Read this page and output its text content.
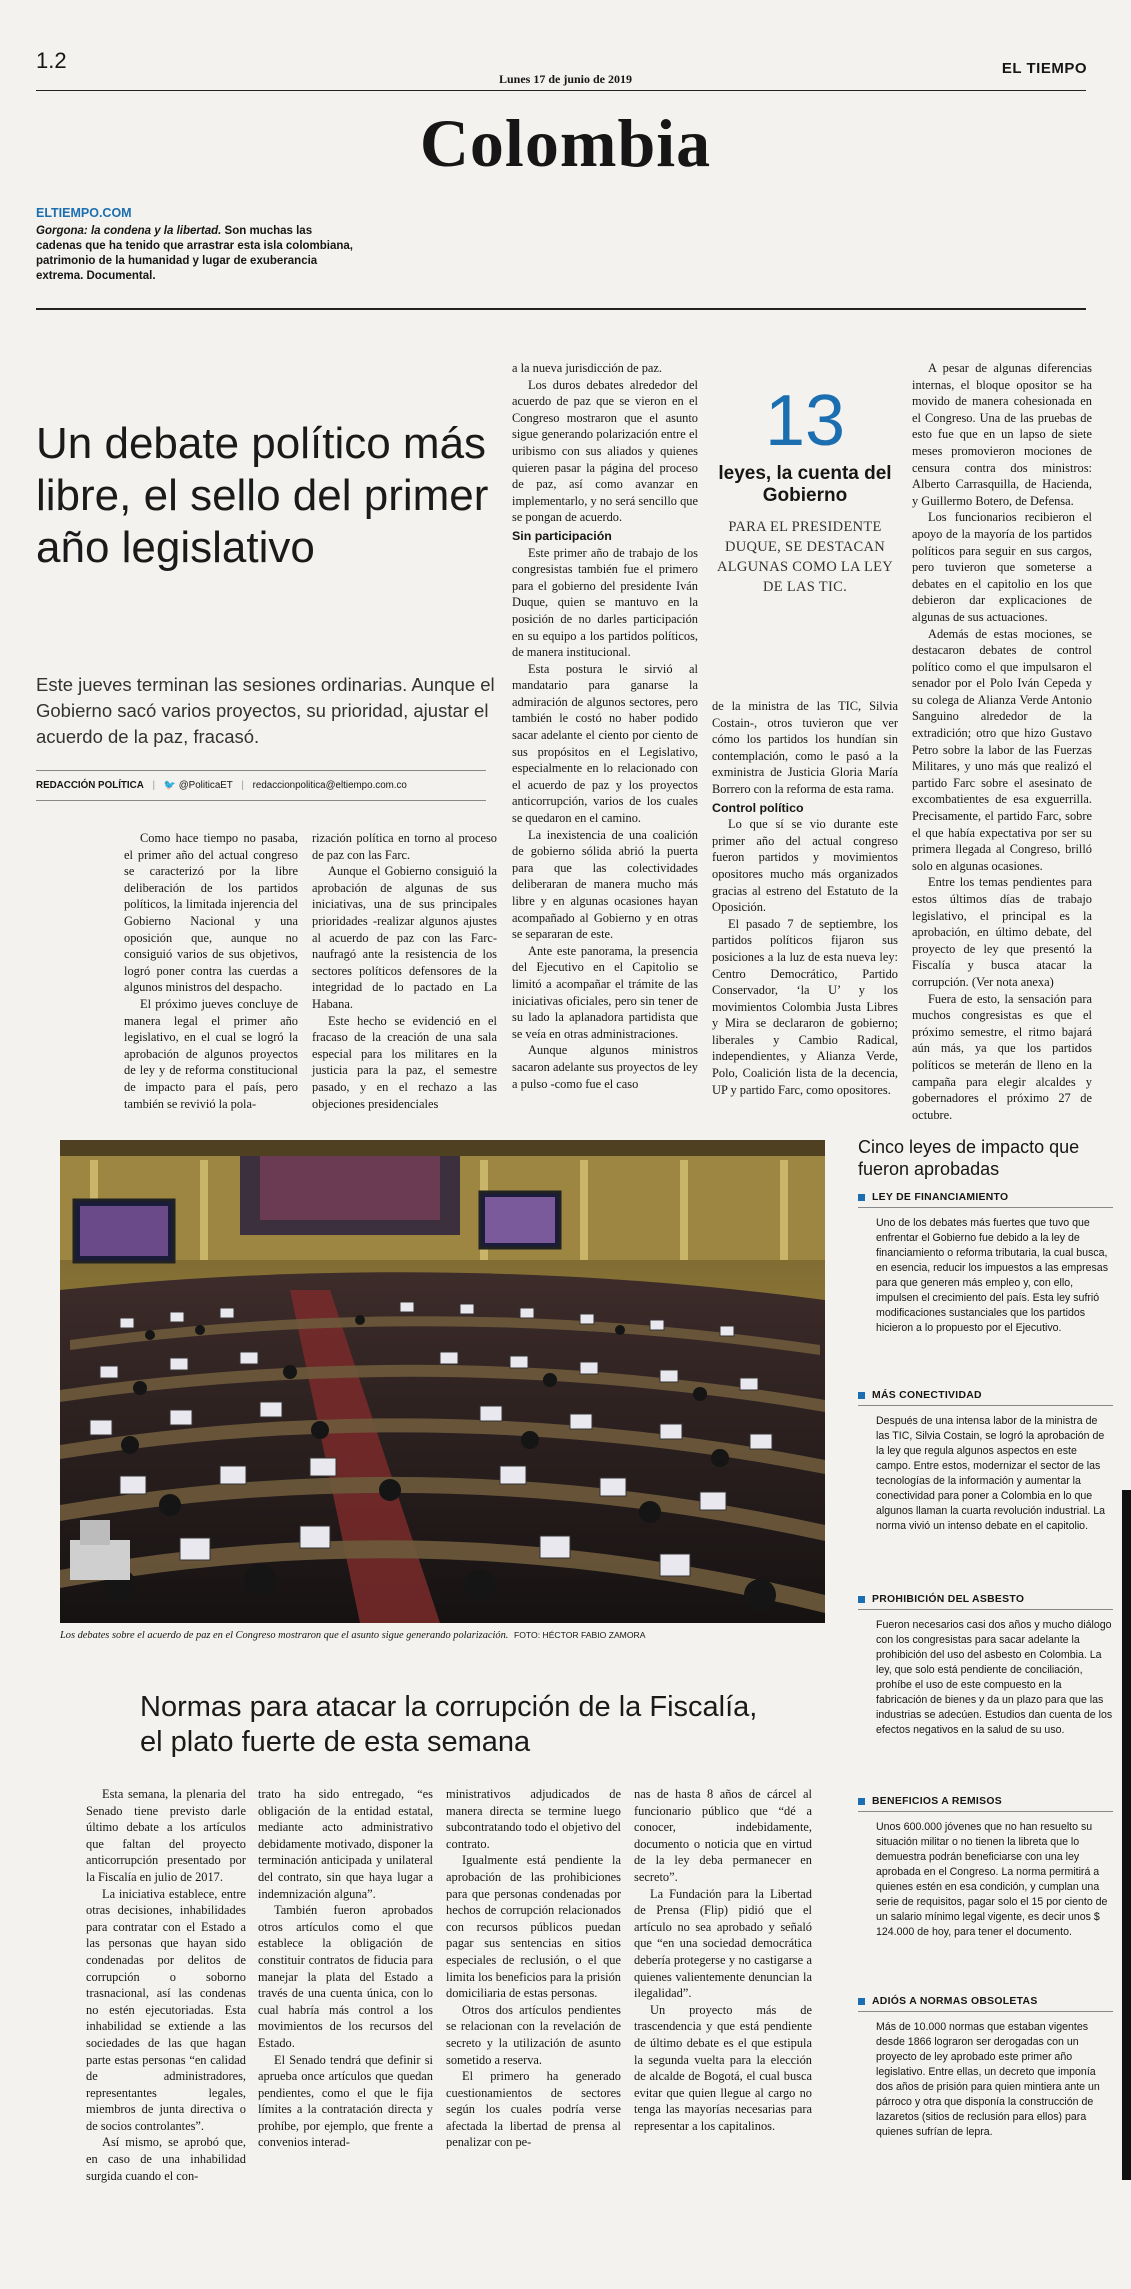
1.2
Lunes 17 de junio de 2019
EL TIEMPO
Colombia
ELTIEMPO.COM
Gorgona: la condena y la libertad. Son muchas las cadenas que ha tenido que arrastrar esta isla colombiana, patrimonio de la humanidad y lugar de exuberancia extrema. Documental.
Un debate político más libre, el sello del primer año legislativo
Este jueves terminan las sesiones ordinarias. Aunque el Gobierno sacó varios proyectos, su prioridad, ajustar el acuerdo de la paz, fracasó.
REDACCIÓN POLÍTICA | 🐦 @PoliticaET | redaccionpolitica@eltiempo.com.co

Como hace tiempo no pasaba, el primer año del actual congreso se caracterizó por la libre deliberación de los partidos políticos, la limitada injerencia del Gobierno Nacional y una oposición que, aunque no consiguió varios de sus objetivos, logró poner contra las cuerdas a algunos ministros del despacho.

El próximo jueves concluye de manera legal el primer año legislativo, en el cual se logró la aprobación de algunos proyectos de ley y de reforma constitucional de impacto para el país, pero también se revivió la pola-

rización política en torno al proceso de paz con las Farc.

Aunque el Gobierno consiguió la aprobación de algunas de sus iniciativas, una de sus principales prioridades -realizar algunos ajustes al acuerdo de paz con las Farc- naufragó ante la resistencia de los sectores políticos defensores de la integridad de lo pactado en La Habana.

Este hecho se evidenció en el fracaso de la creación de una sala especial para los militares en la justicia para la paz, el semestre pasado, y en el rechazo a las objeciones presidenciales

a la nueva jurisdicción de paz.

Los duros debates alrededor del acuerdo de paz que se vieron en el Congreso mostraron que el asunto sigue generando polarización entre el uribismo con sus aliados y quienes quieren pasar la página del proceso de paz, así como avanzar en implementarlo, y no será sencillo que se pongan de acuerdo.

Sin participación

Este primer año de trabajo de los congresistas también fue el primero para el gobierno del presidente Iván Duque, quien se mantuvo en la posición de no darles participación en su equipo a los partidos políticos, de manera institucional.

Esta postura le sirvió al mandatario para ganarse la admiración de algunos sectores, pero también le costó no haber podido sacar adelante el ciento por ciento de sus propósitos en el Legislativo, especialmente en lo relacionado con el acuerdo de paz y los proyectos anticorrupción, varios de los cuales se quedaron en el camino.

La inexistencia de una coalición de gobierno sólida abrió la puerta para que las colectividades deliberaran de manera mucho más libre y en algunas ocasiones hayan acompañado al Gobierno y en otras se separaran de este.

Ante este panorama, la presencia del Ejecutivo en el Capitolio se limitó a acompañar el trámite de las iniciativas oficiales, pero sin tener de su lado la aplanadora partidista que se veía en otras administraciones.

Aunque algunos ministros sacaron adelante sus proyectos de ley a pulso -como fue el caso

13
leyes, la cuenta del Gobierno
PARA EL PRESIDENTE DUQUE, SE DESTACAN ALGUNAS COMO LA LEY DE LAS TIC.

de la ministra de las TIC, Silvia Costain-, otros tuvieron que ver cómo los partidos los hundían sin contemplación, como le pasó a la exministra de Justicia Gloria María Borrero con la reforma de esta rama.

Control político

Lo que sí se vio durante este primer año del actual congreso fueron partidos y movimientos opositores mucho más organizados gracias al estreno del Estatuto de la Oposición.

El pasado 7 de septiembre, los partidos políticos fijaron sus posiciones a la luz de esta nueva ley: Centro Democrático, Partido Conservador, ‘la U’ y los movimientos Colombia Justa Libres y Mira se declararon de gobierno; liberales y Cambio Radical, independientes, y Alianza Verde, Polo, Coalición lista de la decencia, UP y partido Farc, como opositores.

A pesar de algunas diferencias internas, el bloque opositor se ha movido de manera cohesionada en el Congreso. Una de las pruebas de esto fue que en un lapso de siete meses promovieron mociones de censura contra dos ministros: Alberto Carrasquilla, de Hacienda, y Guillermo Botero, de Defensa.

Los funcionarios recibieron el apoyo de la mayoría de los partidos políticos para seguir en sus cargos, pero tuvieron que someterse a debates en el capitolio en los que debieron dar explicaciones de algunas de sus actuaciones.

Además de estas mociones, se destacaron debates de control político como el que impulsaron el senador por el Polo Iván Cepeda y su colega de Alianza Verde Antonio Sanguino alrededor de la extradición; otro que hizo Gustavo Petro sobre la labor de las Fuerzas Militares, y uno más que realizó el partido Farc sobre el asesinato de excombatientes de esa exguerrilla. Precisamente, el partido Farc, sobre el que había expectativa por ser su primera llegada al Congreso, brilló solo en algunas ocasiones.

Entre los temas pendientes para estos últimos días de trabajo legislativo, el principal es la aprobación, en último debate, del proyecto de ley que presentó la Fiscalía y busca atacar la corrupción. (Ver nota anexa)

Fuera de esto, la sensación para muchos congresistas es que el próximo semestre, el ritmo bajará aún más, ya que los partidos políticos se meterán de lleno en la campaña para elegir alcaldes y gobernadores el próximo 27 de octubre.

Los debates sobre el acuerdo de paz en el Congreso mostraron que el asunto sigue generando polarización. FOTO: HÉCTOR FABIO ZAMORA
Cinco leyes de impacto que fueron aprobadas
LEY DE FINANCIAMIENTO
Uno de los debates más fuertes que tuvo que enfrentar el Gobierno fue debido a la ley de financiamiento o reforma tributaria, la cual busca, en esencia, reducir los impuestos a las empresas para que generen más empleo y, con ello, impulsen el crecimiento del país. Esta ley sufrió modificaciones sustanciales que los partidos hicieron a lo propuesto por el Ejecutivo.
MÁS CONECTIVIDAD
Después de una intensa labor de la ministra de las TIC, Silvia Costain, se logró la aprobación de la ley que regula algunos aspectos en este campo. Entre estos, modernizar el sector de las tecnologías de la información y aumentar la conectividad para poner a Colombia en lo que algunos llaman la cuarta revolución industrial. La norma vivió un intenso debate en el capitolio.
PROHIBICIÓN DEL ASBESTO
Fueron necesarios casi dos años y mucho diálogo con los congresistas para sacar adelante la prohibición del uso del asbesto en Colombia. La ley, que solo está pendiente de conciliación, prohíbe el uso de este compuesto en la fabricación de bienes y da un plazo para que las industrias se adecúen. Estudios dan cuenta de los efectos negativos en la salud de su uso.
BENEFICIOS A REMISOS
Unos 600.000 jóvenes que no han resuelto su situación militar o no tienen la libreta que lo demuestra podrán beneficiarse con una ley aprobada en el Congreso. La norma permitirá a quienes estén en esa condición, y cumplan una serie de requisitos, pagar solo el 15 por ciento de un salario mínimo legal vigente, es decir unos $ 124.000 de hoy, para tener el documento.
ADIÓS A NORMAS OBSOLETAS
Más de 10.000 normas que estaban vigentes desde 1866 lograron ser derogadas con un proyecto de ley aprobado este primer año legislativo. Entre ellas, un decreto que imponía dos años de prisión para quien mintiera ante un párroco y otra que disponía la construcción de lazaretos (sitios de reclusión para ellos) para quienes sufrían de lepra.
Normas para atacar la corrupción de la Fiscalía, el plato fuerte de esta semana

Esta semana, la plenaria del Senado tiene previsto darle último debate a los artículos que faltan del proyecto anticorrupción presentado por la Fiscalía en julio de 2017.

La iniciativa establece, entre otras decisiones, inhabilidades para contratar con el Estado a las personas que hayan sido condenadas por delitos de corrupción o soborno trasnacional, así las condenas no estén ejecutoriadas. Esta inhabilidad se extiende a las sociedades de las que hagan parte estas personas “en calidad de administradores, representantes legales, miembros de junta directiva o de socios controlantes”.

Así mismo, se aprobó que, en caso de una inhabilidad surgida cuando el con-

trato ha sido entregado, “es obligación de la entidad estatal, mediante acto administrativo debidamente motivado, disponer la terminación anticipada y unilateral del contrato, sin que haya lugar a indemnización alguna”.

También fueron aprobados otros artículos como el que establece la obligación de constituir contratos de fiducia para manejar la plata del Estado a través de una cuenta única, con lo cual habría más control a los movimientos de los recursos del Estado.

El Senado tendrá que definir si aprueba once artículos que quedan pendientes, como el que le fija límites a la contratación directa y prohíbe, por ejemplo, que frente a convenios interad-

ministrativos adjudicados de manera directa se termine luego subcontratando todo el objetivo del contrato.

Igualmente está pendiente la aprobación de las prohibiciones para que personas condenadas por hechos de corrupción relacionados con recursos públicos puedan pagar sus sentencias en sitios especiales de reclusión, o el que limita los beneficios para la prisión domiciliaria de estas personas.

Otros dos artículos pendientes se relacionan con la revelación de secreto y la utilización de asunto sometido a reserva.

El primero ha generado cuestionamientos de sectores según los cuales podría verse afectada la libertad de prensa al penalizar con pe-

nas de hasta 8 años de cárcel al funcionario público que “dé a conocer, indebidamente, documento o noticia que en virtud de la ley deba permanecer en secreto”.

La Fundación para la Libertad de Prensa (Flip) pidió que el artículo no sea aprobado y señaló que “en una sociedad democrática debería protegerse y no castigarse a quienes valientemente denuncian la ilegalidad”.

Un proyecto más de trascendencia y que está pendiente de último debate es el que estipula la segunda vuelta para la elección de alcalde de Bogotá, el cual busca evitar que quien llegue al cargo no tenga las mayorías necesarias para representar a los capitalinos.
